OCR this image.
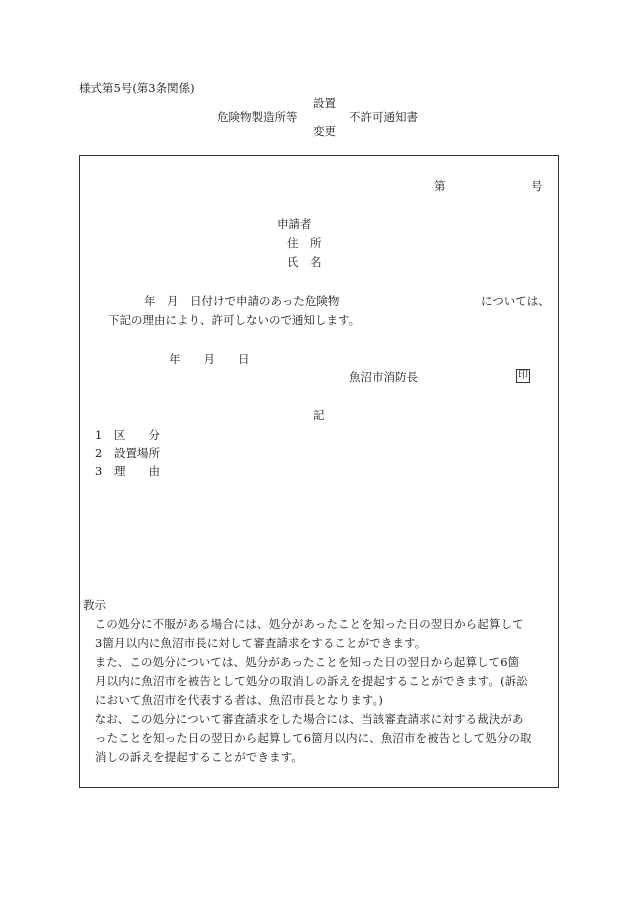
様式第5号(第3条関係)
設置
危険物製造所等	不許可通知書
変更
第	号
申請者
住　所
氏　名
年　月　日付けで申請のあった危険物	については、
下記の理由により、許可しないので通知します。
年　　月　　日
魚沼市消防長	印
記
1 区　　分
2 設置場所
3 理　　由
教示
　この処分に不服がある場合には、処分があったことを知った日の翌日から起算して
3箇月以内に魚沼市長に対して審査請求をすることができます。
　また、この処分については、処分があったことを知った日の翌日から起算して6箇
月以内に魚沼市を被告として処分の取消しの訴えを提起することができます。(訴訟
において魚沼市を代表する者は、魚沼市長となります。)
　なお、この処分について審査請求をした場合には、当該審査請求に対する裁決があ
ったことを知った日の翌日から起算して6箇月以内に、魚沼市を被告として処分の取
消しの訴えを提起することができます。
